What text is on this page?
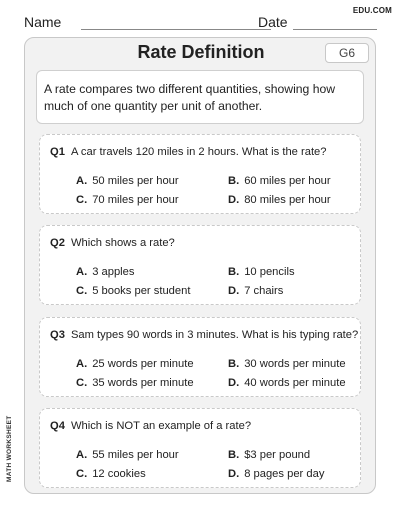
EDU.COM
Name	Date
Rate Definition	G6
A rate compares two different quantities, showing how much of one quantity per unit of another.
Q1 A car travels 120 miles in 2 hours. What is the rate?
A. 50 miles per hour	B. 60 miles per hour
C. 70 miles per hour	D. 80 miles per hour
Q2 Which shows a rate?
A. 3 apples	B. 10 pencils
C. 5 books per student	D. 7 chairs
Q3 Sam types 90 words in 3 minutes. What is his typing rate?
A. 25 words per minute	B. 30 words per minute
C. 35 words per minute	D. 40 words per minute
Q4 Which is NOT an example of a rate?
A. 55 miles per hour	B. $3 per pound
C. 12 cookies	D. 8 pages per day
MATH WORKSHEET
